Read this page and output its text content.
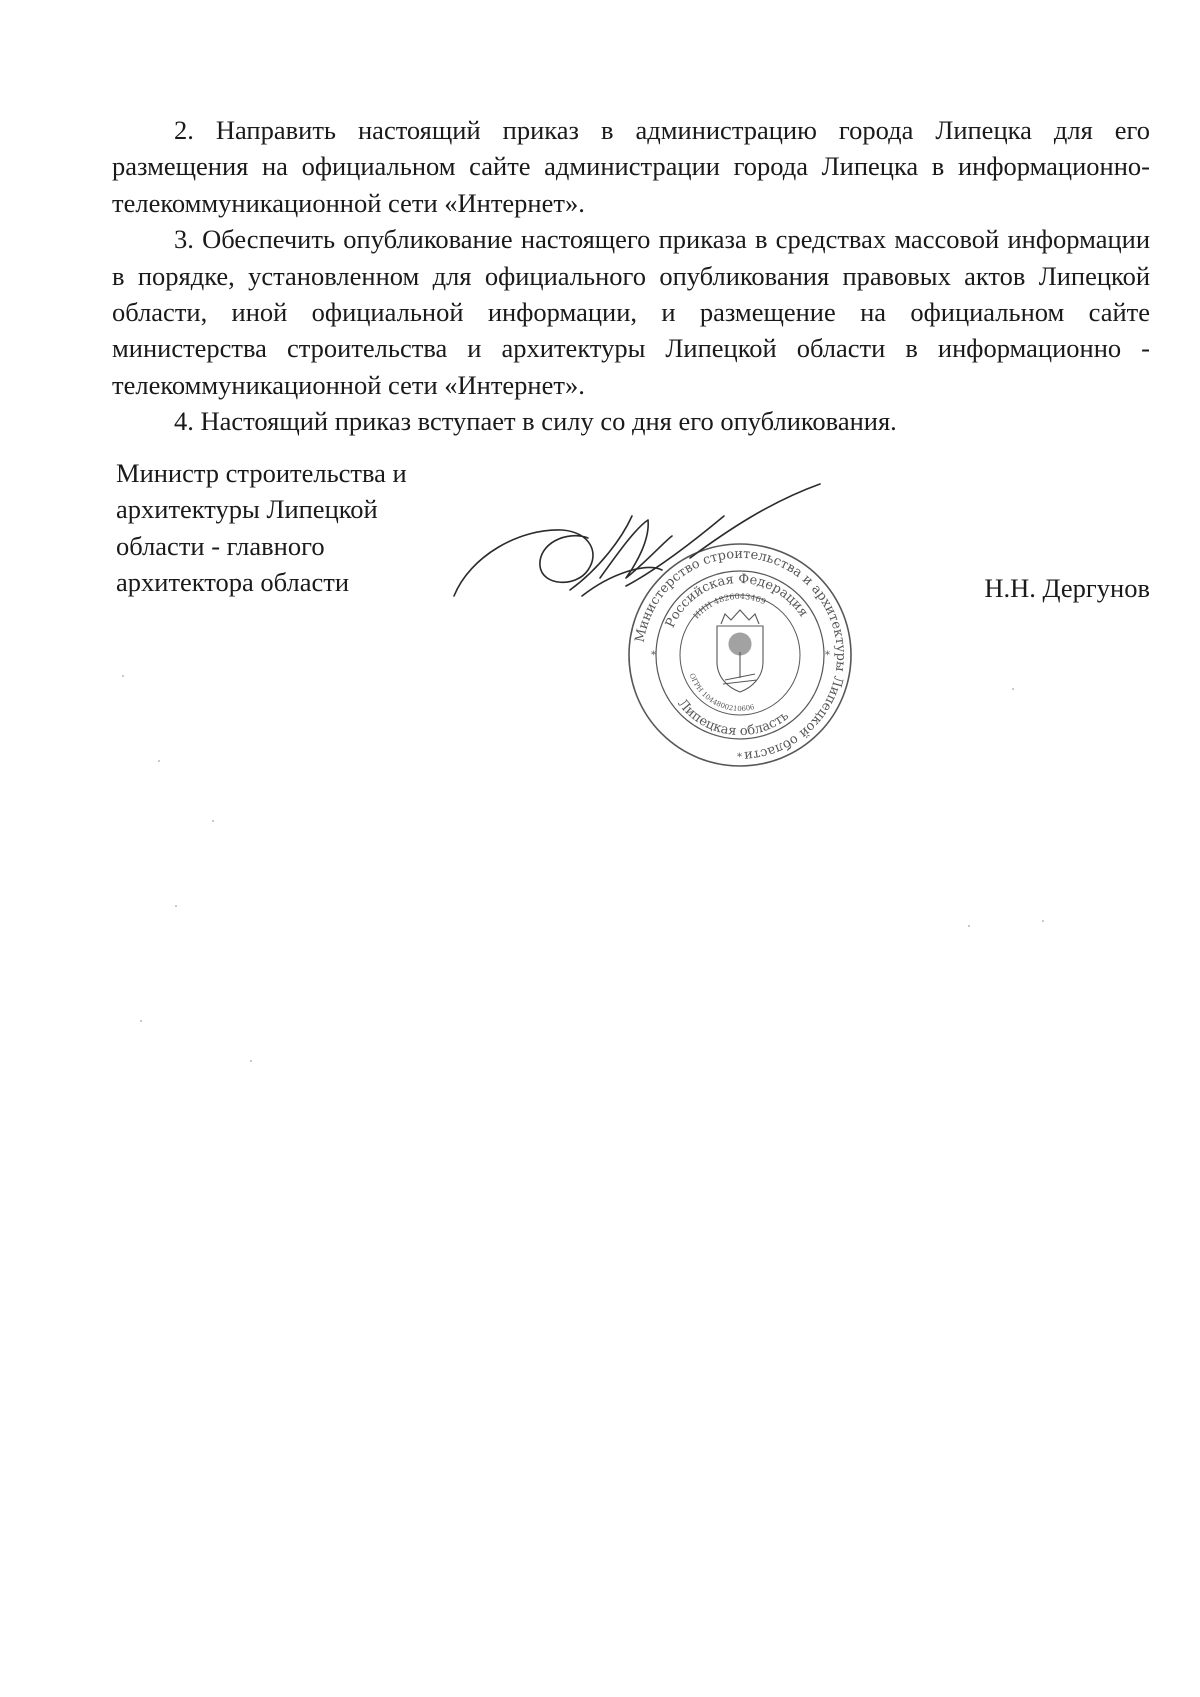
2. Направить настоящий приказ в администрацию города Липецка для его размещения на официальном сайте администрации города Липецка в информационно-телекоммуникационной сети «Интернет».

3. Обеспечить опубликование настоящего приказа в средствах массовой информации в порядке, установленном для официального опубликования правовых актов Липецкой области, иной официальной информации, и размещение на официальном сайте министерства строительства и архитектуры Липецкой области в информационно - телекоммуникационной сети «Интернет».

4. Настоящий приказ вступает в силу со дня его опубликования.

Министр строительства и
архитектуры Липецкой
области - главного
архитектора области	Н.Н. Дергунов
Министерство строительства и архитектуры Липецкой области
Российская Федерация
ИНН 4826043469
ОГРН 1044800210606
Липецкая область
*	*
*
